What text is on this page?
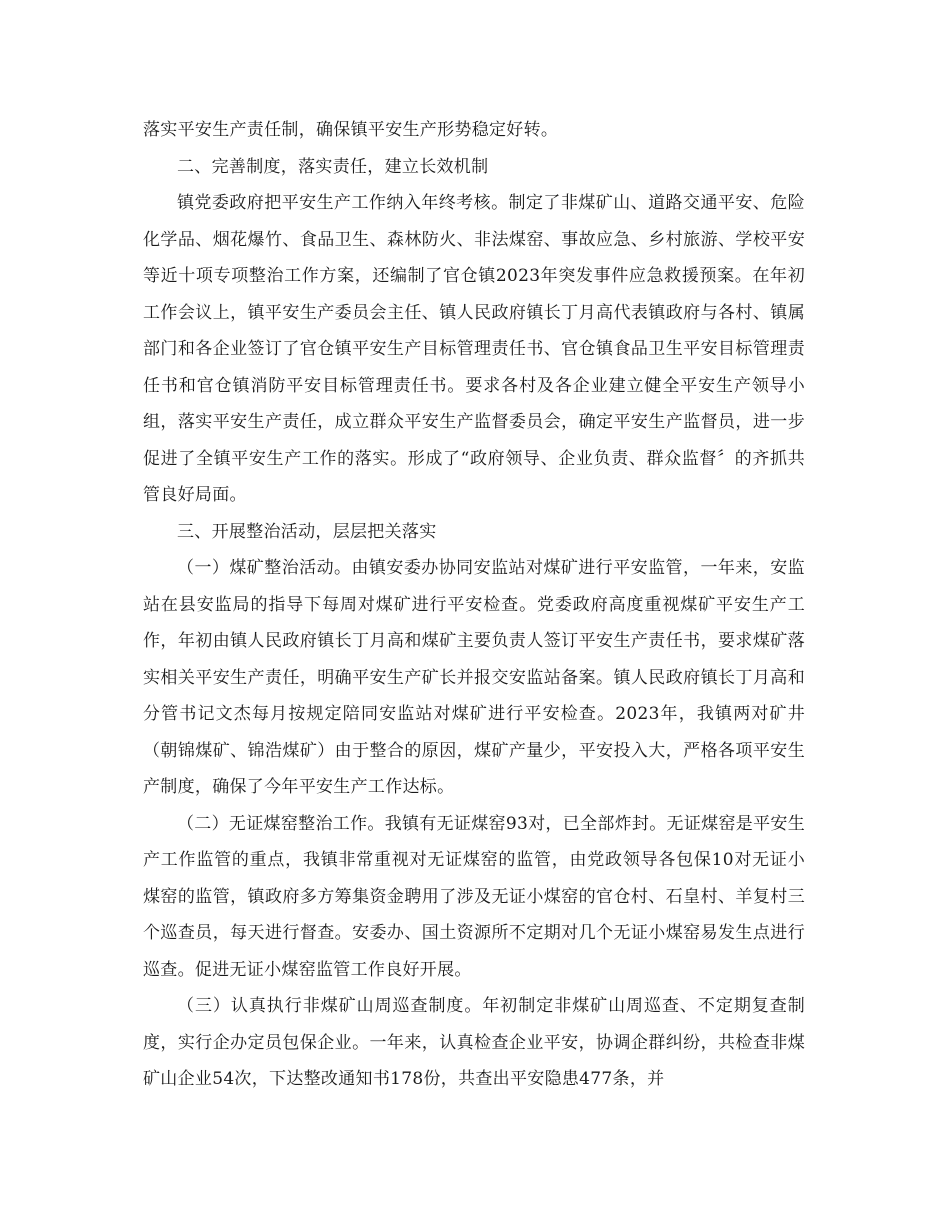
落实平安生产责任制，确保镇平安生产形势稳定好转。

二、完善制度，落实责任，建立长效机制

镇党委政府把平安生产工作纳入年终考核。制定了非煤矿山、道路交通平安、危险化学品、烟花爆竹、食品卫生、森林防火、非法煤窑、事故应急、乡村旅游、学校平安等近十项专项整治工作方案，还编制了官仓镇2023年突发事件应急救援预案。在年初工作会议上，镇平安生产委员会主任、镇人民政府镇长丁月高代表镇政府与各村、镇属部门和各企业签订了官仓镇平安生产目标管理责任书、官仓镇食品卫生平安目标管理责任书和官仓镇消防平安目标管理责任书。要求各村及各企业建立健全平安生产领导小组，落实平安生产责任，成立群众平安生产监督委员会，确定平安生产监督员，进一步促进了全镇平安生产工作的落实。形成了“政府领导、企业负责、群众监督〞的齐抓共管良好局面。

三、开展整治活动，层层把关落实

（一）煤矿整治活动。由镇安委办协同安监站对煤矿进行平安监管，一年来，安监站在县安监局的指导下每周对煤矿进行平安检查。党委政府高度重视煤矿平安生产工作，年初由镇人民政府镇长丁月高和煤矿主要负责人签订平安生产责任书，要求煤矿落实相关平安生产责任，明确平安生产矿长并报交安监站备案。镇人民政府镇长丁月高和分管书记文杰每月按规定陪同安监站对煤矿进行平安检查。2023年，我镇两对矿井（朝锦煤矿、锦浩煤矿）由于整合的原因，煤矿产量少，平安投入大，严格各项平安生产制度，确保了今年平安生产工作达标。

（二）无证煤窑整治工作。我镇有无证煤窑93对，已全部炸封。无证煤窑是平安生产工作监管的重点，我镇非常重视对无证煤窑的监管，由党政领导各包保10对无证小煤窑的监管，镇政府多方筹集资金聘用了涉及无证小煤窑的官仓村、石皇村、羊复村三个巡查员，每天进行督查。安委办、国土资源所不定期对几个无证小煤窑易发生点进行巡查。促进无证小煤窑监管工作良好开展。

（三）认真执行非煤矿山周巡查制度。年初制定非煤矿山周巡查、不定期复查制度，实行企办定员包保企业。一年来，认真检查企业平安，协调企群纠纷，共检查非煤矿山企业54次，下达整改通知书178份，共查出平安隐患477条，并
